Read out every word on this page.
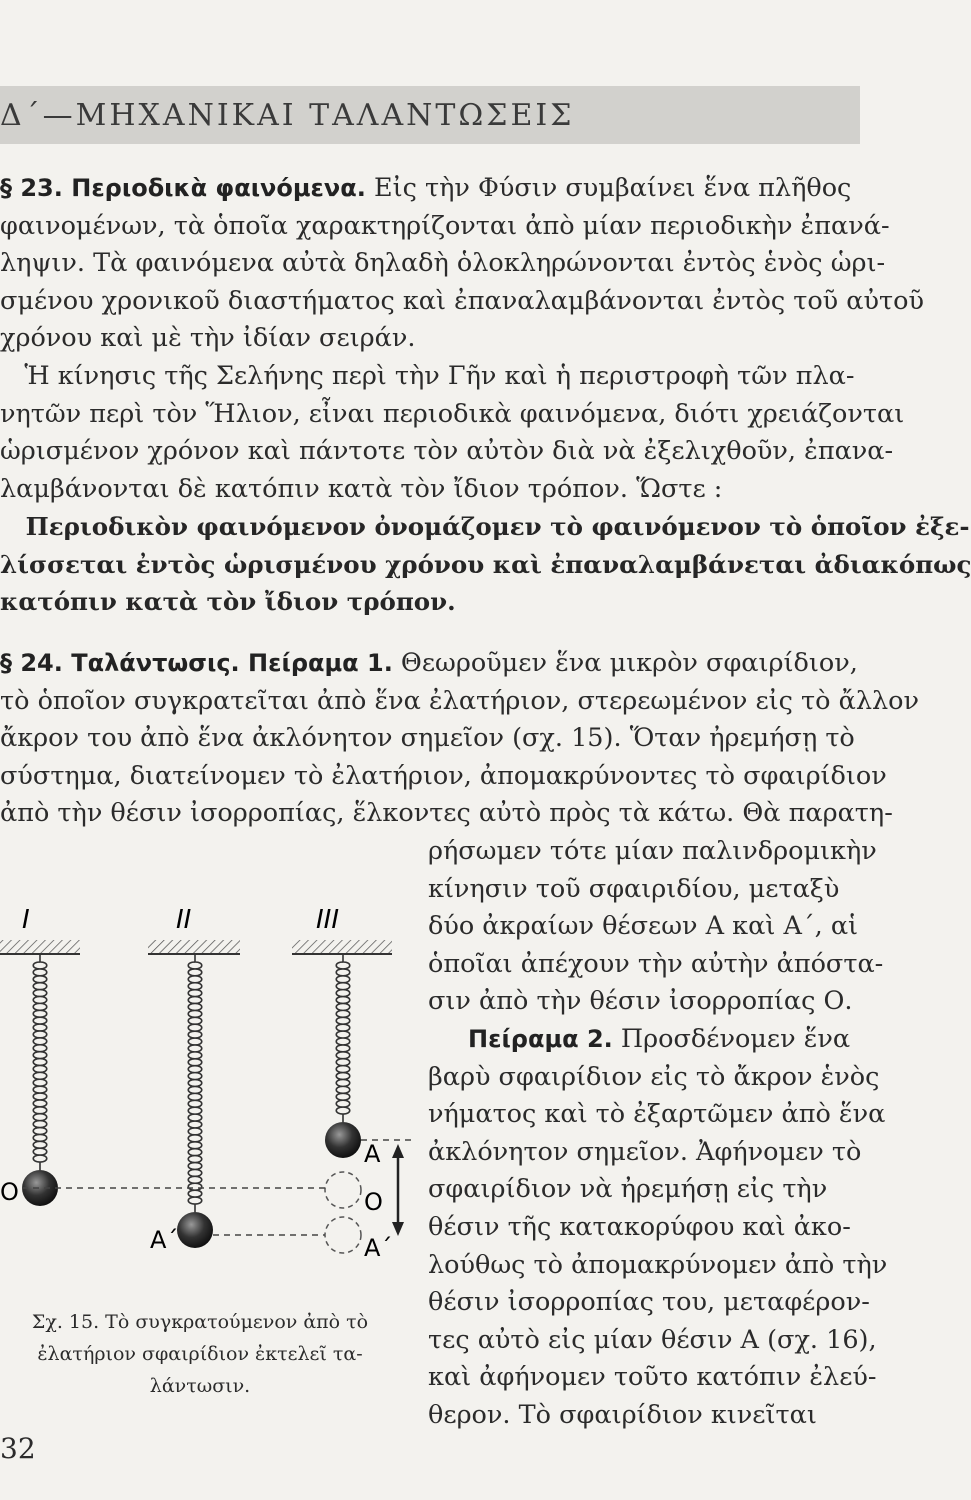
Δ΄—ΜΗΧΑΝΙΚΑΙ ΤΑΛΑΝΤΩΣΕΙΣ
§ 23. Περιοδικὰ φαινόμενα. Εἰς τὴν Φύσιν συμβαίνει ἕνα πλῆθος
φαινομένων, τὰ ὁποῖα χαρακτηρίζονται ἀπὸ μίαν περιοδικὴν ἐπανά-
ληψιν. Τὰ φαινόμενα αὐτὰ δηλαδὴ ὁλοκληρώνονται ἐντὸς ἑνὸς ὡρι-
σμένου χρονικοῦ διαστήματος καὶ ἐπαναλαμβάνονται ἐντὸς τοῦ αὐτοῦ
χρόνου καὶ μὲ τὴν ἰδίαν σειράν.
Ἡ κίνησις τῆς Σελήνης περὶ τὴν Γῆν καὶ ἡ περιστροφὴ τῶν πλα-
νητῶν περὶ τὸν Ἥλιον, εἶναι περιοδικὰ φαινόμενα, διότι χρειάζονται
ὡρισμένον χρόνον καὶ πάντοτε τὸν αὐτὸν διὰ νὰ ἐξελιχθοῦν, ἐπανα-
λαμβάνονται δὲ κατόπιν κατὰ τὸν ἴδιον τρόπον. Ὥστε :
Περιοδικὸν φαινόμενον ὀνομάζομεν τὸ φαινόμενον τὸ ὁποῖον ἐξε-
λίσσεται ἐντὸς ὡρισμένου χρόνου καὶ ἐπαναλαμβάνεται ἀδιακόπως
κατόπιν κατὰ τὸν ἴδιον τρόπον.
§ 24. Ταλάντωσις. Πείραμα 1. Θεωροῦμεν ἕνα μικρὸν σφαιρίδιον,
τὸ ὁποῖον συγκρατεῖται ἀπὸ ἕνα ἐλατήριον, στερεωμένον εἰς τὸ ἄλλον
ἄκρον του ἀπὸ ἕνα ἀκλόνητον σημεῖον (σχ. 15). Ὅταν ἠρεμήσῃ τὸ
σύστημα, διατείνομεν τὸ ἐλατήριον, ἀπομακρύνοντες τὸ σφαιρίδιον
ἀπὸ τὴν θέσιν ἰσορροπίας, ἕλκοντες αὐτὸ πρὸς τὰ κάτω. Θὰ παρατη-
ρήσωμεν τότε μίαν παλινδρομικὴν
κίνησιν τοῦ σφαιριδίου, μεταξὺ
δύο ἀκραίων θέσεων Α καὶ Α΄, αἱ
ὁποῖαι ἀπέχουν τὴν αὐτὴν ἀπόστα-
σιν ἀπὸ τὴν θέσιν ἰσορροπίας Ο.
Πείραμα 2. Προσδένομεν ἕνα
βαρὺ σφαιρίδιον εἰς τὸ ἄκρον ἑνὸς
νήματος καὶ τὸ ἐξαρτῶμεν ἀπὸ ἕνα
ἀκλόνητον σημεῖον. Ἀφήνομεν τὸ
σφαιρίδιον νὰ ἠρεμήσῃ εἰς τὴν
θέσιν τῆς κατακορύφου καὶ ἀκο-
λούθως τὸ ἀπομακρύνομεν ἀπὸ τὴν
θέσιν ἰσορροπίας του, μεταφέρον-
τες αὐτὸ εἰς μίαν θέσιν Α (σχ. 16),
καὶ ἀφήνομεν τοῦτο κατόπιν ἐλεύ-
θερον. Τὸ σφαιρίδιον κινεῖται
I	II	III
O
A΄
A
O
A΄
Σχ. 15. Τὸ συγκρατούμενον ἀπὸ τὸ
ἐλατήριον σφαιρίδιον ἐκτελεῖ τα-
λάντωσιν.
32
